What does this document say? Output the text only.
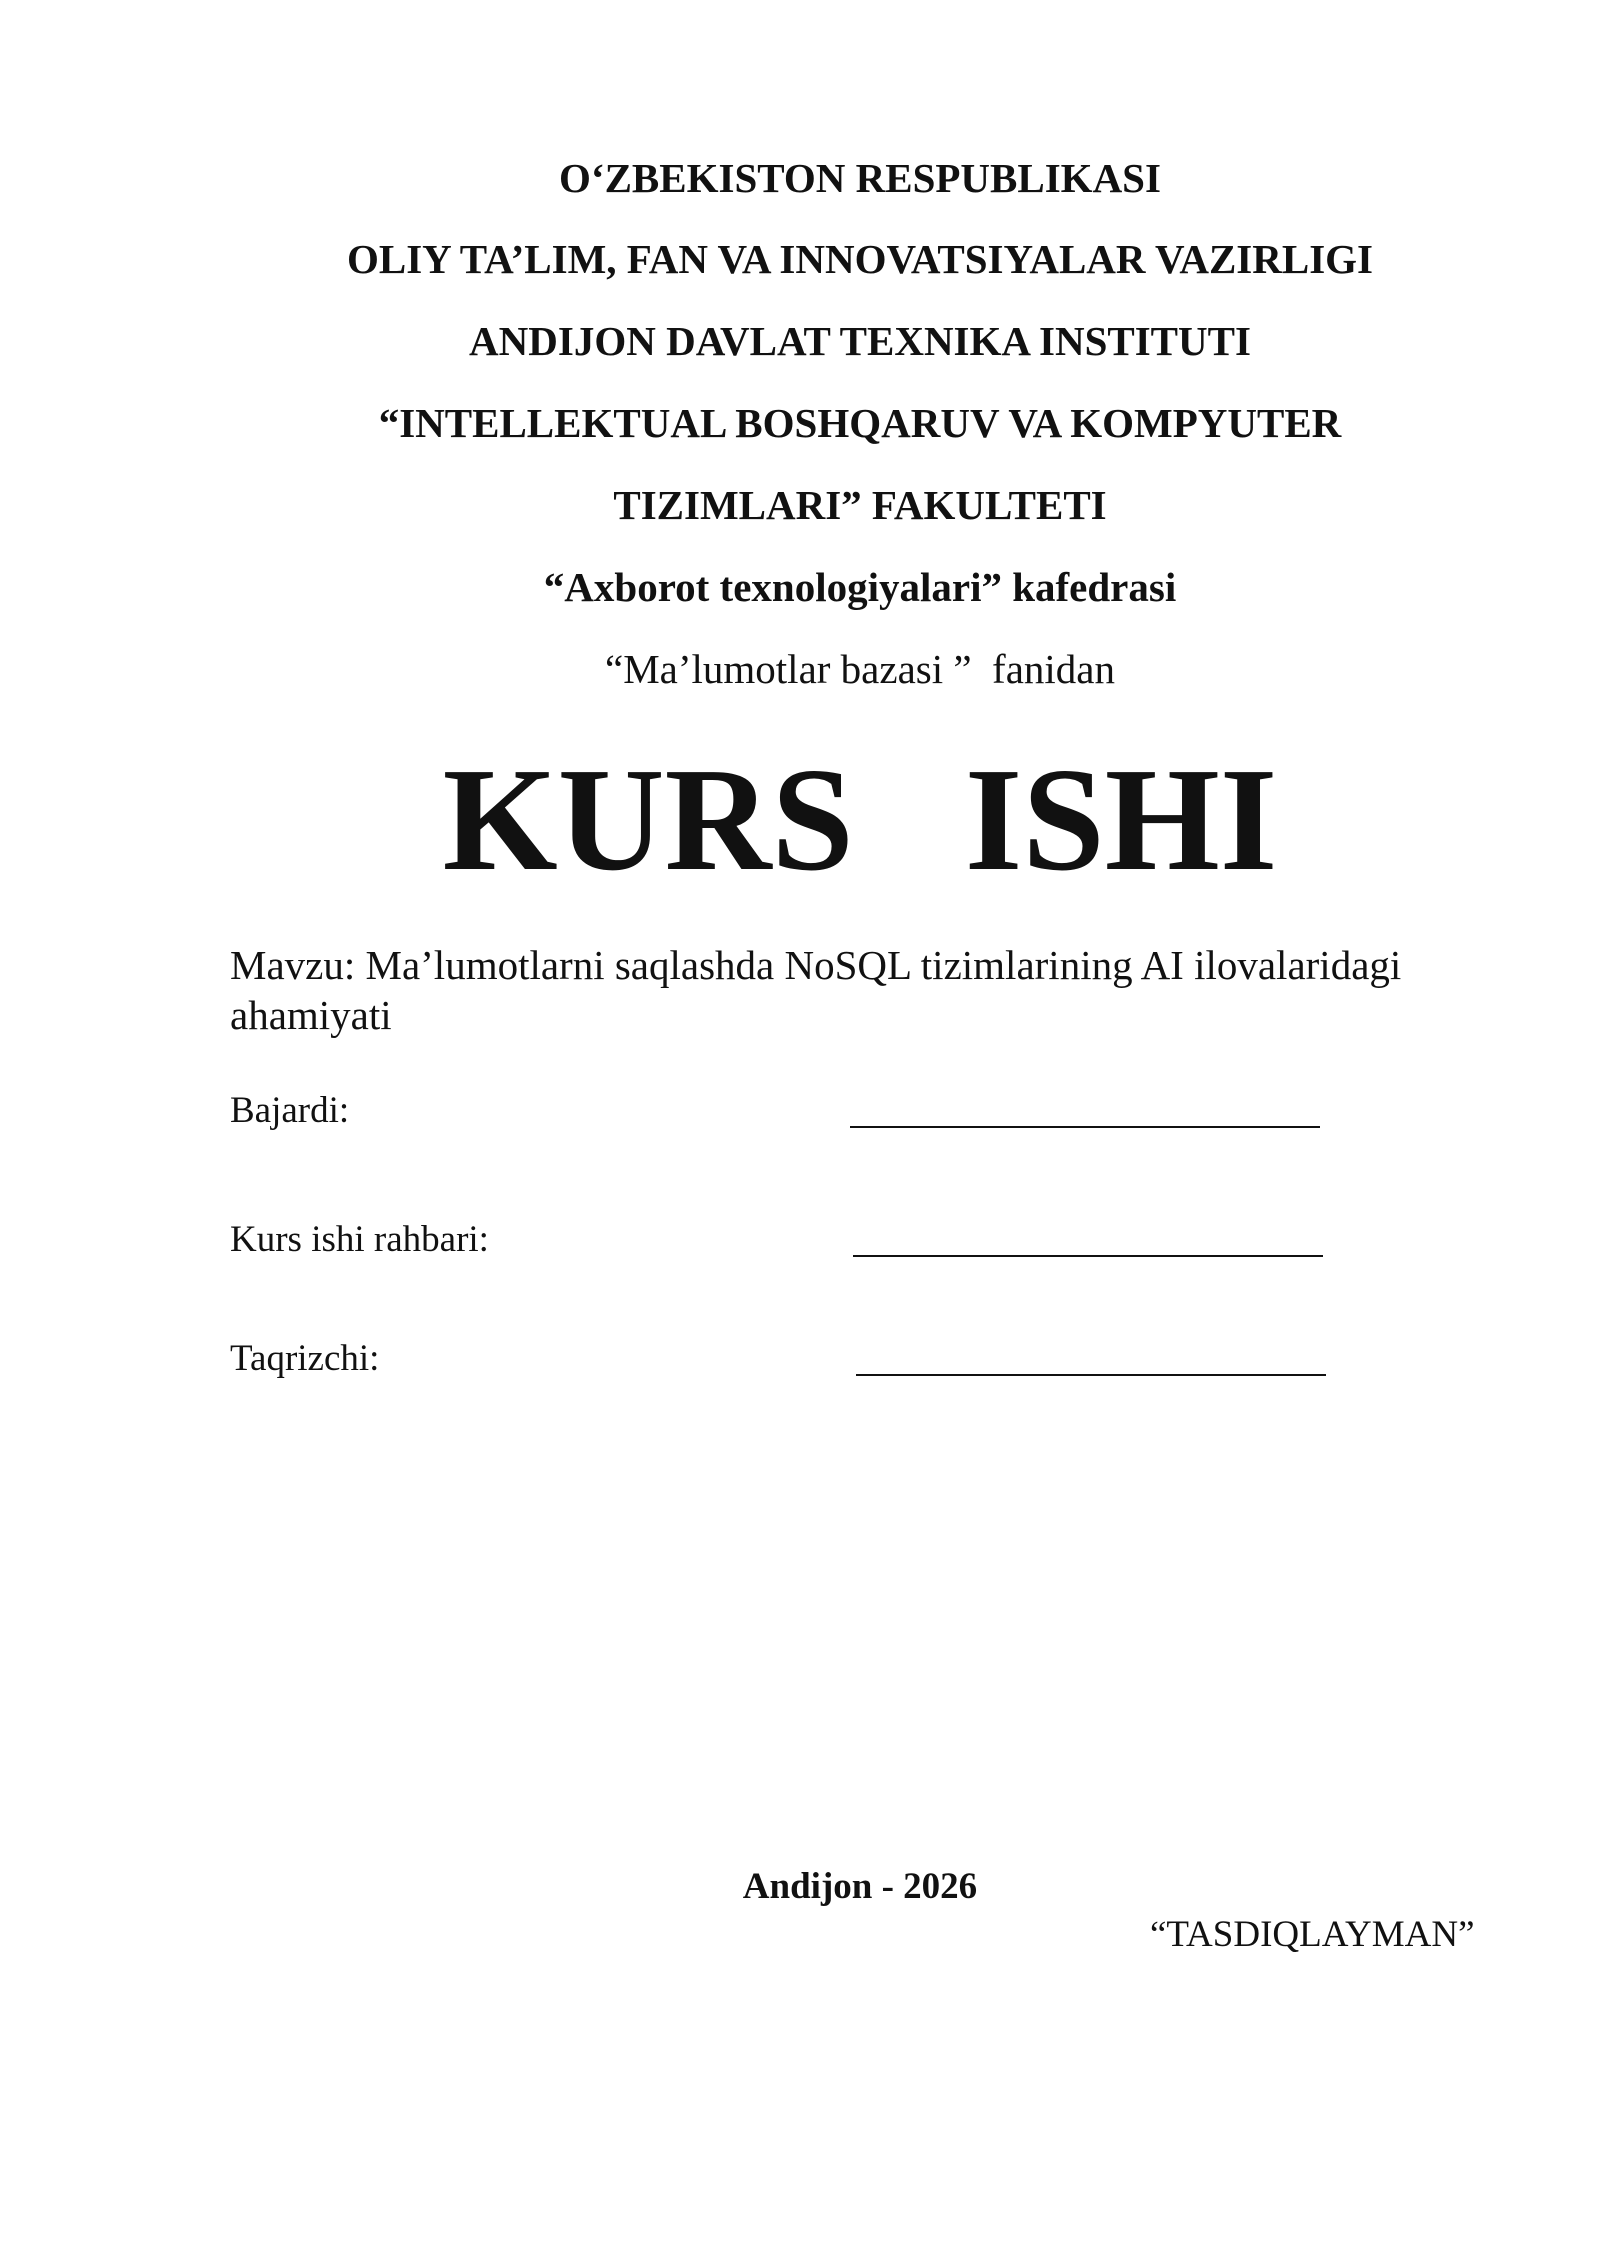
O‘ZBEKISTON RESPUBLIKASI
OLIY TA’LIM, FAN VA INNOVATSIYALAR VAZIRLIGI
ANDIJON DAVLAT TEXNIKA INSTITUTI
“INTELLEKTUAL BOSHQARUV VA KOMPYUTER
TIZIMLARI” FAKULTETI
“Axborot texnologiyalari” kafedrasi
“Ma’lumotlar bazasi ”  fanidan
KURS   ISHI
Mavzu: Ma’lumotlarni saqlashda NoSQL tizimlarining AI ilovalaridagi ahamiyati
Bajardi:
Kurs ishi rahbari:
Taqrizchi:
Andijon - 2026
“TASDIQLAYMAN”
